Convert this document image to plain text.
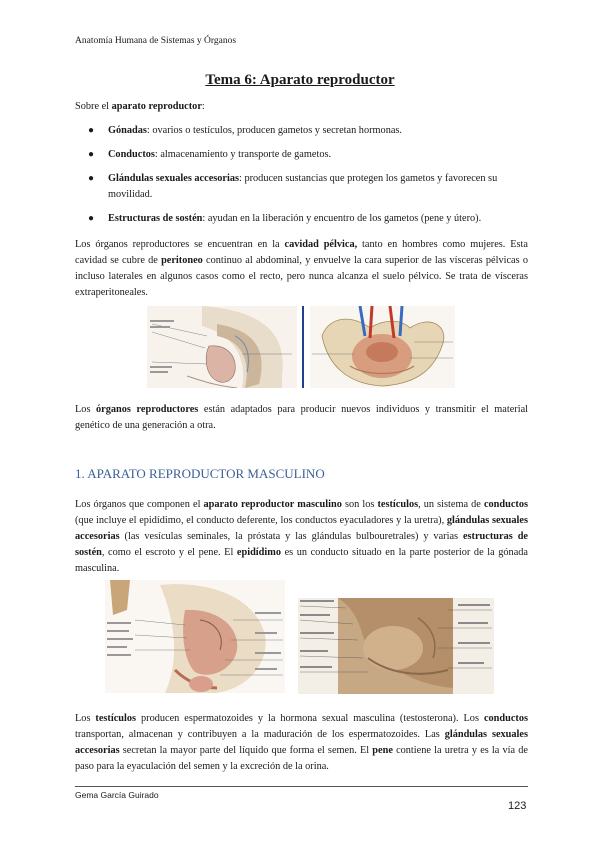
Anatomía Humana de Sistemas y Órganos
Tema 6: Aparato reproductor
Sobre el aparato reproductor:
● Gónadas: ovarios o testículos, producen gametos y secretan hormonas.
● Conductos: almacenamiento y transporte de gametos.
● Glándulas sexuales accesorias: producen sustancias que protegen los gametos y favorecen su movilidad.
● Estructuras de sostén: ayudan en la liberación y encuentro de los gametos (pene y útero).
Los órganos reproductores se encuentran en la cavidad pélvica, tanto en hombres como mujeres. Esta cavidad se cubre de peritoneo continuo al abdominal, y envuelve la cara superior de las vísceras pélvicas o incluso laterales en algunos casos como el recto, pero nunca alcanza el suelo pélvico. Se trata de vísceras extraperitoneales.
Los órganos reproductores están adaptados para producir nuevos individuos y transmitir el material genético de una generación a otra.
1. APARATO REPRODUCTOR MASCULINO
Los órganos que componen el aparato reproductor masculino son los testículos, un sistema de conductos (que incluye el epidídimo, el conducto deferente, los conductos eyaculadores y la uretra), glándulas sexuales accesorias (las vesículas seminales, la próstata y las glándulas bulbouretrales) y varias estructuras de sostén, como el escroto y el pene. El epidídimo es un conducto situado en la parte posterior de la gónada masculina.
Los testículos producen espermatozoides y la hormona sexual masculina (testosterona). Los conductos transportan, almacenan y contribuyen a la maduración de los espermatozoides. Las glándulas sexuales accesorias secretan la mayor parte del líquido que forma el semen. El pene contiene la uretra y es la vía de paso para la eyaculación del semen y la excreción de la orina.
Gema García Guirado
123
